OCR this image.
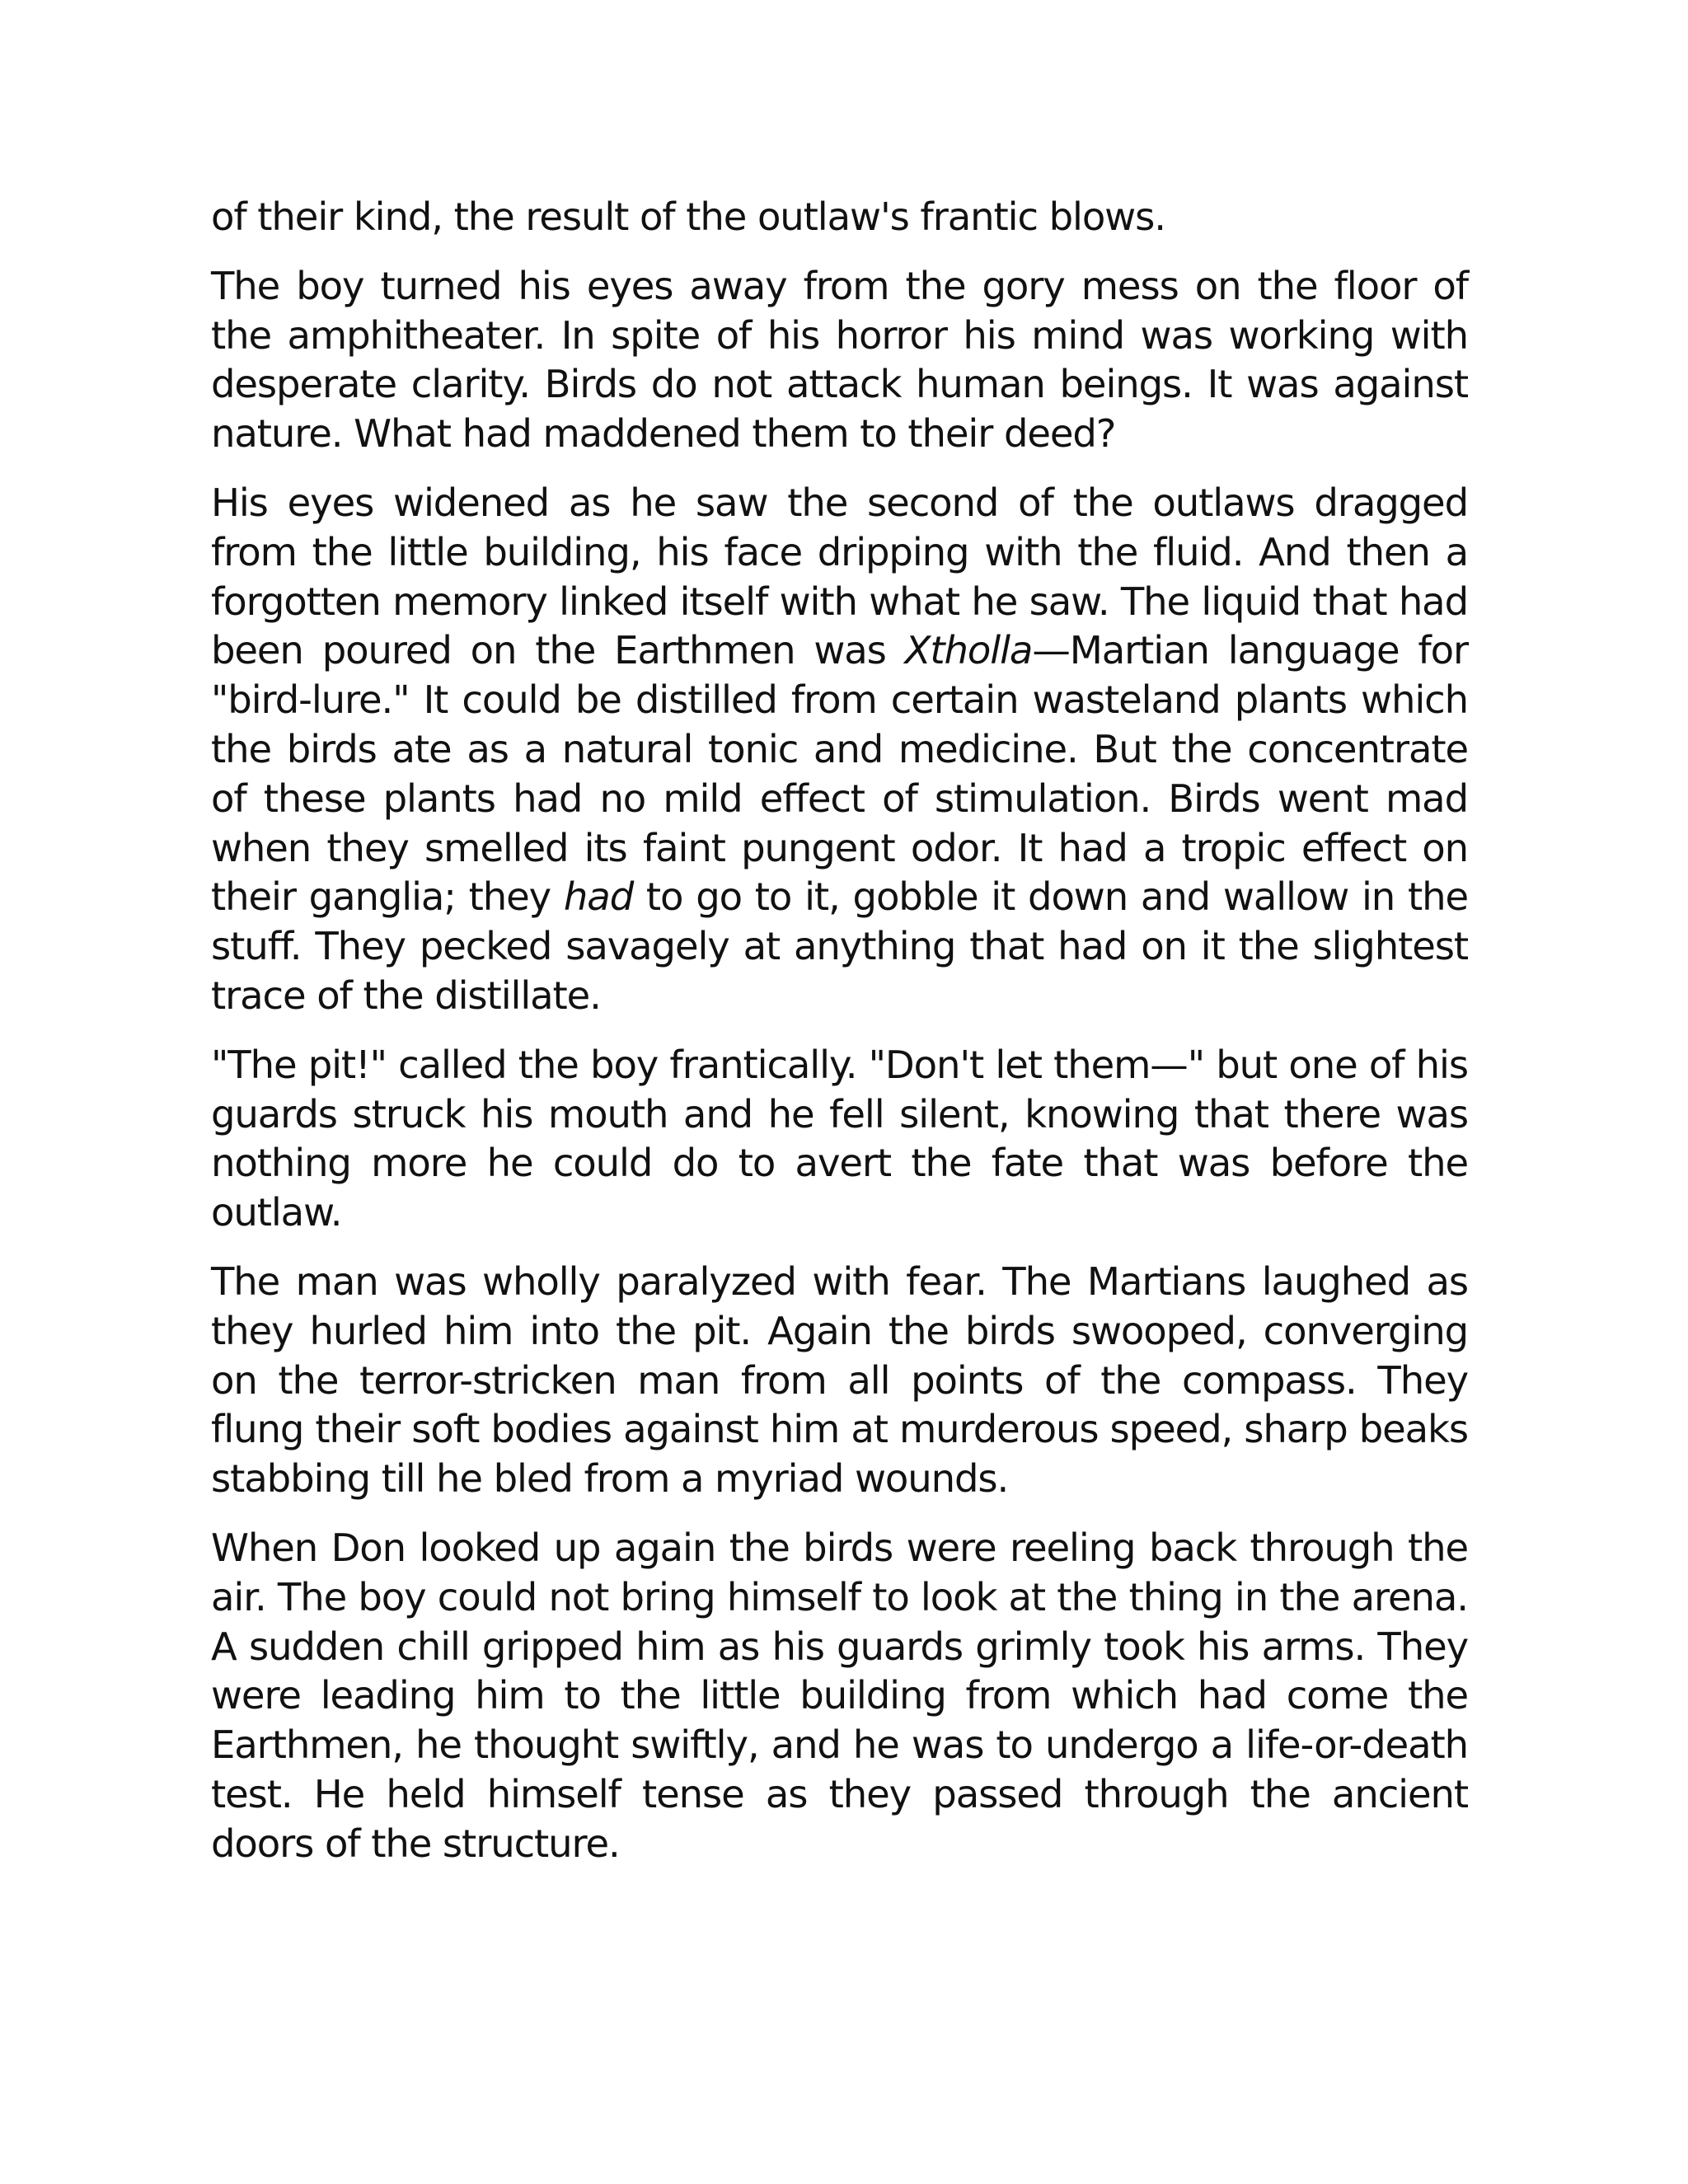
of their kind, the result of the outlaw's frantic blows.

The boy turned his eyes away from the gory mess on the floor of the amphitheater. In spite of his horror his mind was working with desperate clarity. Birds do not attack human beings. It was against nature. What had maddened them to their deed?

His eyes widened as he saw the second of the outlaws dragged from the little building, his face dripping with the fluid. And then a forgotten memory linked itself with what he saw. The liquid that had been poured on the Earthmen was Xtholla—Martian language for "bird-lure." It could be distilled from certain wasteland plants which the birds ate as a natural tonic and medicine. But the concentrate of these plants had no mild effect of stimulation. Birds went mad when they smelled its faint pungent odor. It had a tropic effect on their ganglia; they had to go to it, gobble it down and wallow in the stuff. They pecked savagely at anything that had on it the slightest trace of the distillate.

"The pit!" called the boy frantically. "Don't let them—" but one of his guards struck his mouth and he fell silent, knowing that there was nothing more he could do to avert the fate that was before the outlaw.

The man was wholly paralyzed with fear. The Martians laughed as they hurled him into the pit. Again the birds swooped, converging on the terror-stricken man from all points of the compass. They flung their soft bodies against him at murderous speed, sharp beaks stabbing till he bled from a myriad wounds.

When Don looked up again the birds were reeling back through the air. The boy could not bring himself to look at the thing in the arena. A sudden chill gripped him as his guards grimly took his arms. They were leading him to the little building from which had come the Earthmen, he thought swiftly, and he was to undergo a life-or-death test. He held himself tense as they passed through the ancient doors of the structure.
